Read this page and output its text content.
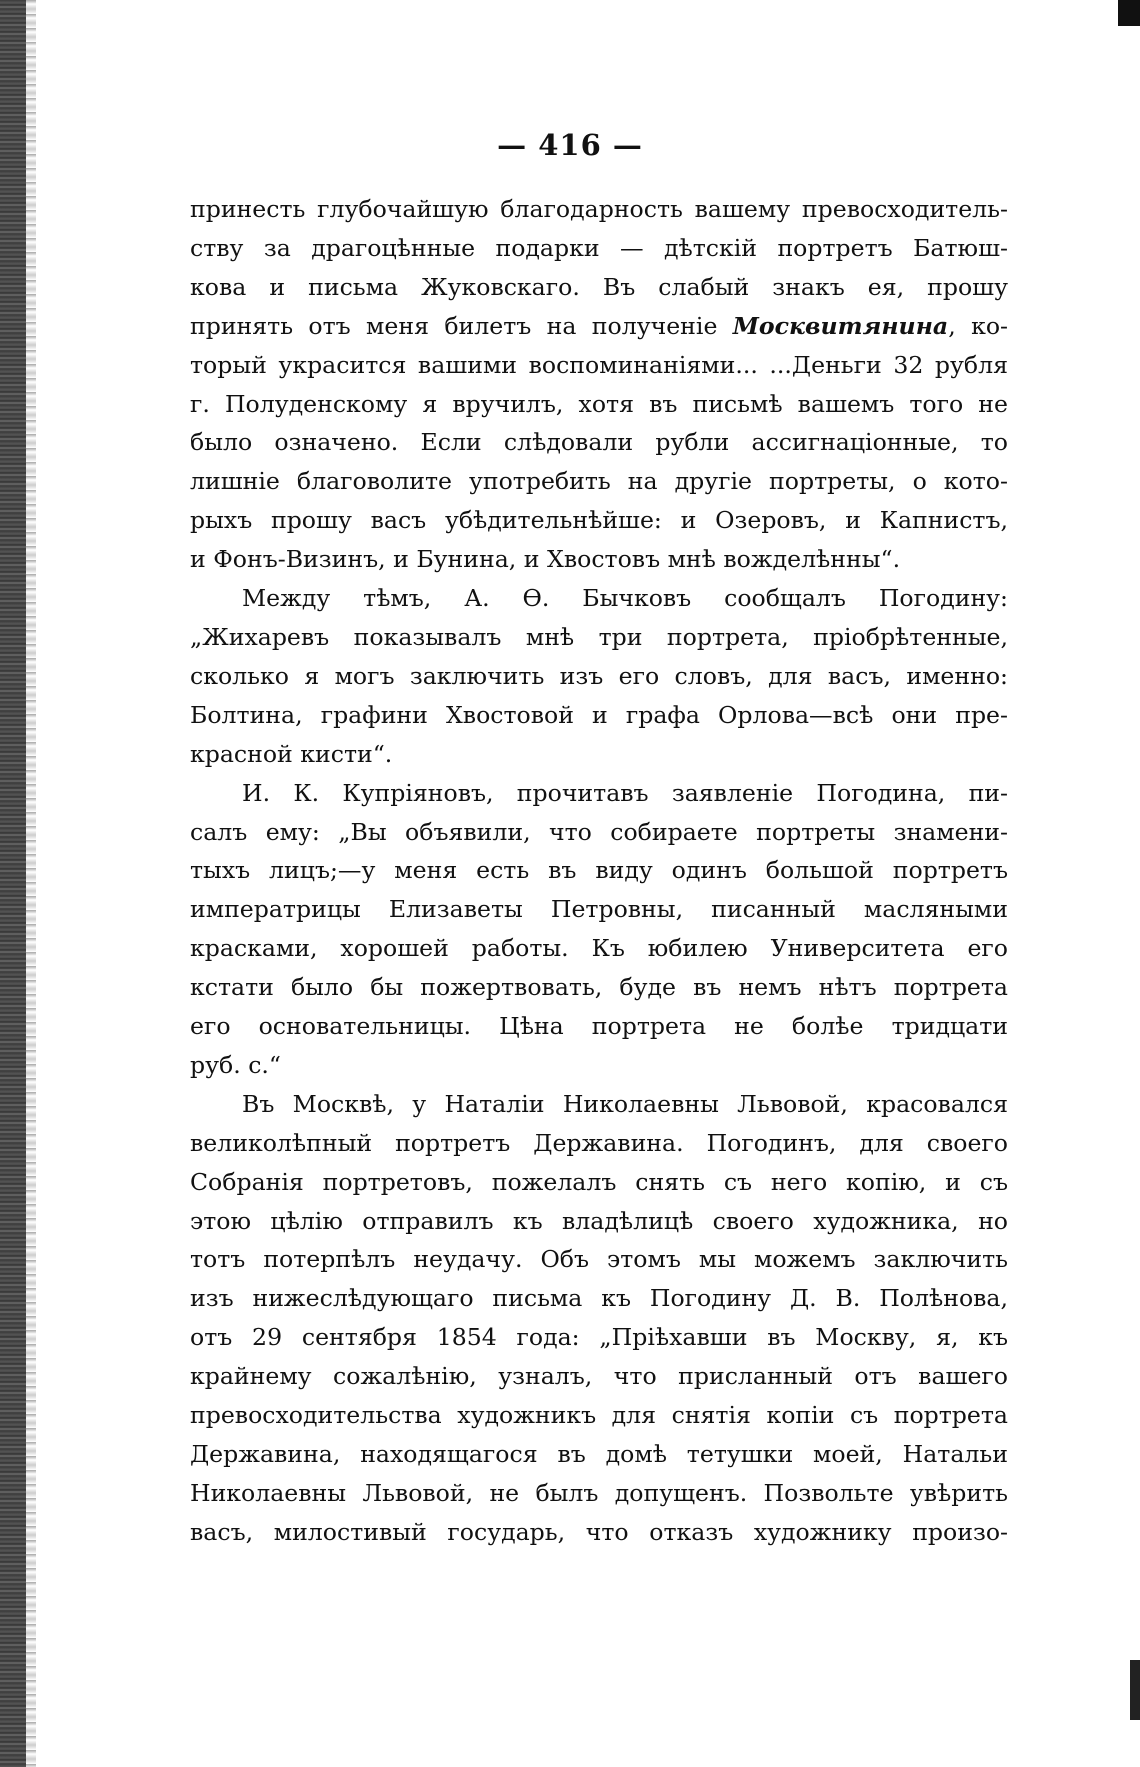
— 416 —
принесть глубочайшую благодарность вашему превосходитель-
ству за драгоцѣнные подарки — дѣтскій портретъ Батюш-
кова и письма Жуковскаго. Въ слабый знакъ ея, прошу
принять отъ меня билетъ на полученіе Москвитянина, ко-
торый украсится вашими воспоминаніями... ...Деньги 32 рубля
г. Полуденскому я вручилъ, хотя въ письмѣ вашемъ того не
было означено. Если слѣдовали рубли ассигнаціонные, то
лишніе благоволите употребить на другіе портреты, о кото-
рыхъ прошу васъ убѣдительнѣйше: и Озеровъ, и Капнистъ,
и Фонъ-Визинъ, и Бунина, и Хвостовъ мнѣ вожделѣнны“.
Между тѣмъ, А. Ѳ. Бычковъ сообщалъ Погодину:
„Жихаревъ показывалъ мнѣ три портрета, пріобрѣтенные,
сколько я могъ заключить изъ его словъ, для васъ, именно:
Болтина, графини Хвостовой и графа Орлова—всѣ они пре-
красной кисти“.
И. К. Купріяновъ, прочитавъ заявленіе Погодина, пи-
салъ ему: „Вы объявили, что собираете портреты знамени-
тыхъ лицъ;—у меня есть въ виду одинъ большой портретъ
императрицы Елизаветы Петровны, писанный масляными
красками, хорошей работы. Къ юбилею Университета его
кстати было бы пожертвовать, буде въ немъ нѣтъ портрета
его основательницы. Цѣна портрета не болѣе тридцати
руб. с.“
Въ Москвѣ, у Наталіи Николаевны Львовой, красовался
великолѣпный портретъ Державина. Погодинъ, для своего
Собранія портретовъ, пожелалъ снять съ него копію, и съ
этою цѣлію отправилъ къ владѣлицѣ своего художника, но
тотъ потерпѣлъ неудачу. Объ этомъ мы можемъ заключить
изъ нижеслѣдующаго письма къ Погодину Д. В. Полѣнова,
отъ 29 сентября 1854 года: „Пріѣхавши въ Москву, я, къ
крайнему сожалѣнію, узналъ, что присланный отъ вашего
превосходительства художникъ для снятія копіи съ портрета
Державина, находящагося въ домѣ тетушки моей, Натальи
Николаевны Львовой, не былъ допущенъ. Позвольте увѣрить
васъ, милостивый государь, что отказъ художнику произо-
